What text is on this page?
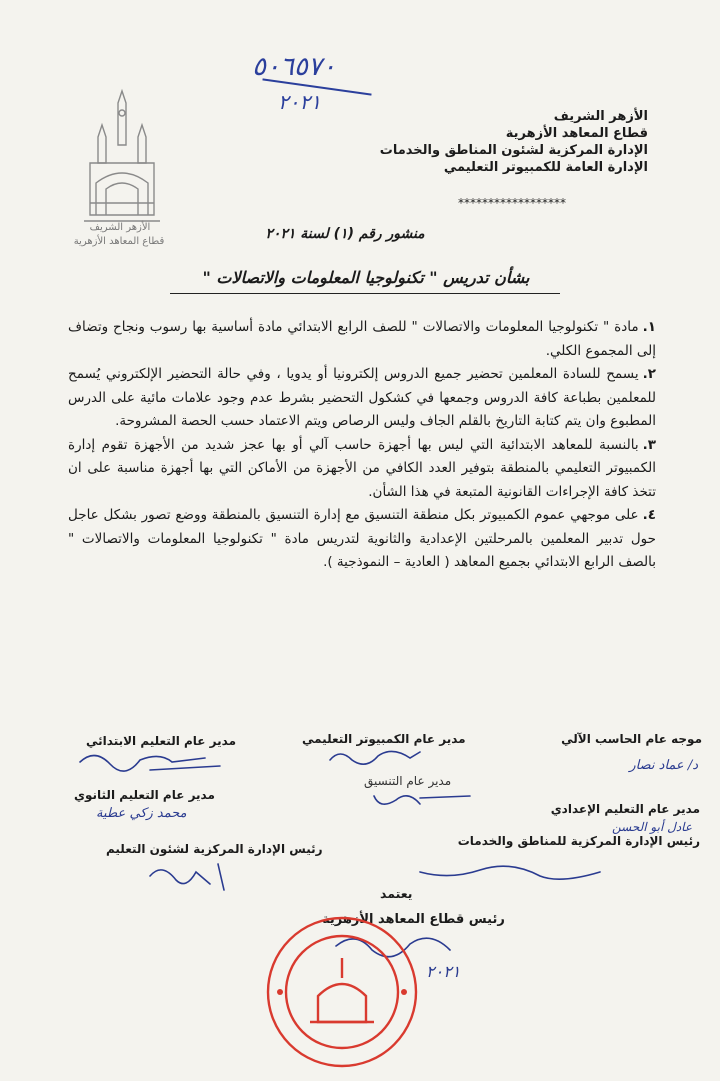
٥٠٦٥٧٠
٢٠٢١
الأزهر الشريف
قطاع المعاهد الأزهرية
الأزهر الشريف
قطاع المعاهد الأزهرية
الإدارة المركزية لشئون المناطق والخدمات
الإدارة العامة للكمبيوتر التعليمي
******************
منشور رقم (١) لسنة ٢٠٢١
بشأن تدريس " تكنولوجيا المعلومات والاتصالات "
١.مادة " تكنولوجيا المعلومات والاتصالات " للصف الرابع الابتدائي مادة أساسية بها رسوب ونجاح وتضاف إلى المجموع الكلي.
٢.يسمح للسادة المعلمين تحضير جميع الدروس إلكترونيا أو يدويا ، وفي حالة التحضير الإلكتروني يُسمح للمعلمين بطباعة كافة الدروس وجمعها في كشكول التحضير بشرط عدم وجود علامات مائية على الدرس المطبوع وان يتم كتابة التاريخ بالقلم الجاف وليس الرصاص ويتم الاعتماد حسب الحصة المشروحة.
٣.بالنسبة للمعاهد الابتدائية التي ليس بها أجهزة حاسب آلي أو بها عجز شديد من الأجهزة تقوم إدارة الكمبيوتر التعليمي بالمنطقة بتوفير العدد الكافي من الأجهزة من الأماكن التي بها أجهزة مناسبة على ان تتخذ كافة الإجراءات القانونية المتبعة في هذا الشأن.
٤.على موجهي عموم الكمبيوتر بكل منطقة التنسيق مع إدارة التنسيق بالمنطقة ووضع تصور بشكل عاجل حول تدبير المعلمين بالمرحلتين الإعدادية والثانوية لتدريس مادة " تكنولوجيا المعلومات والاتصالات " بالصف الرابع الابتدائي بجميع المعاهد ( العادية – النموذجية ).
موجه عام الحاسب الآلي
مدير عام الكمبيوتر التعليمي
مدير عام التعليم الابتدائي
مدير عام التعليم الإعدادي
مدير عام التنسيق
مدير عام التعليم الثانوي
رئيس الإدارة المركزية للمناطق والخدمات
رئيس الإدارة المركزية لشئون التعليم
يعتمد
رئيس قطاع المعاهد الأزهرية
د/ عماد نصار
عادل أبو الحسن
محمد زكي عطية
٢٠٢١
